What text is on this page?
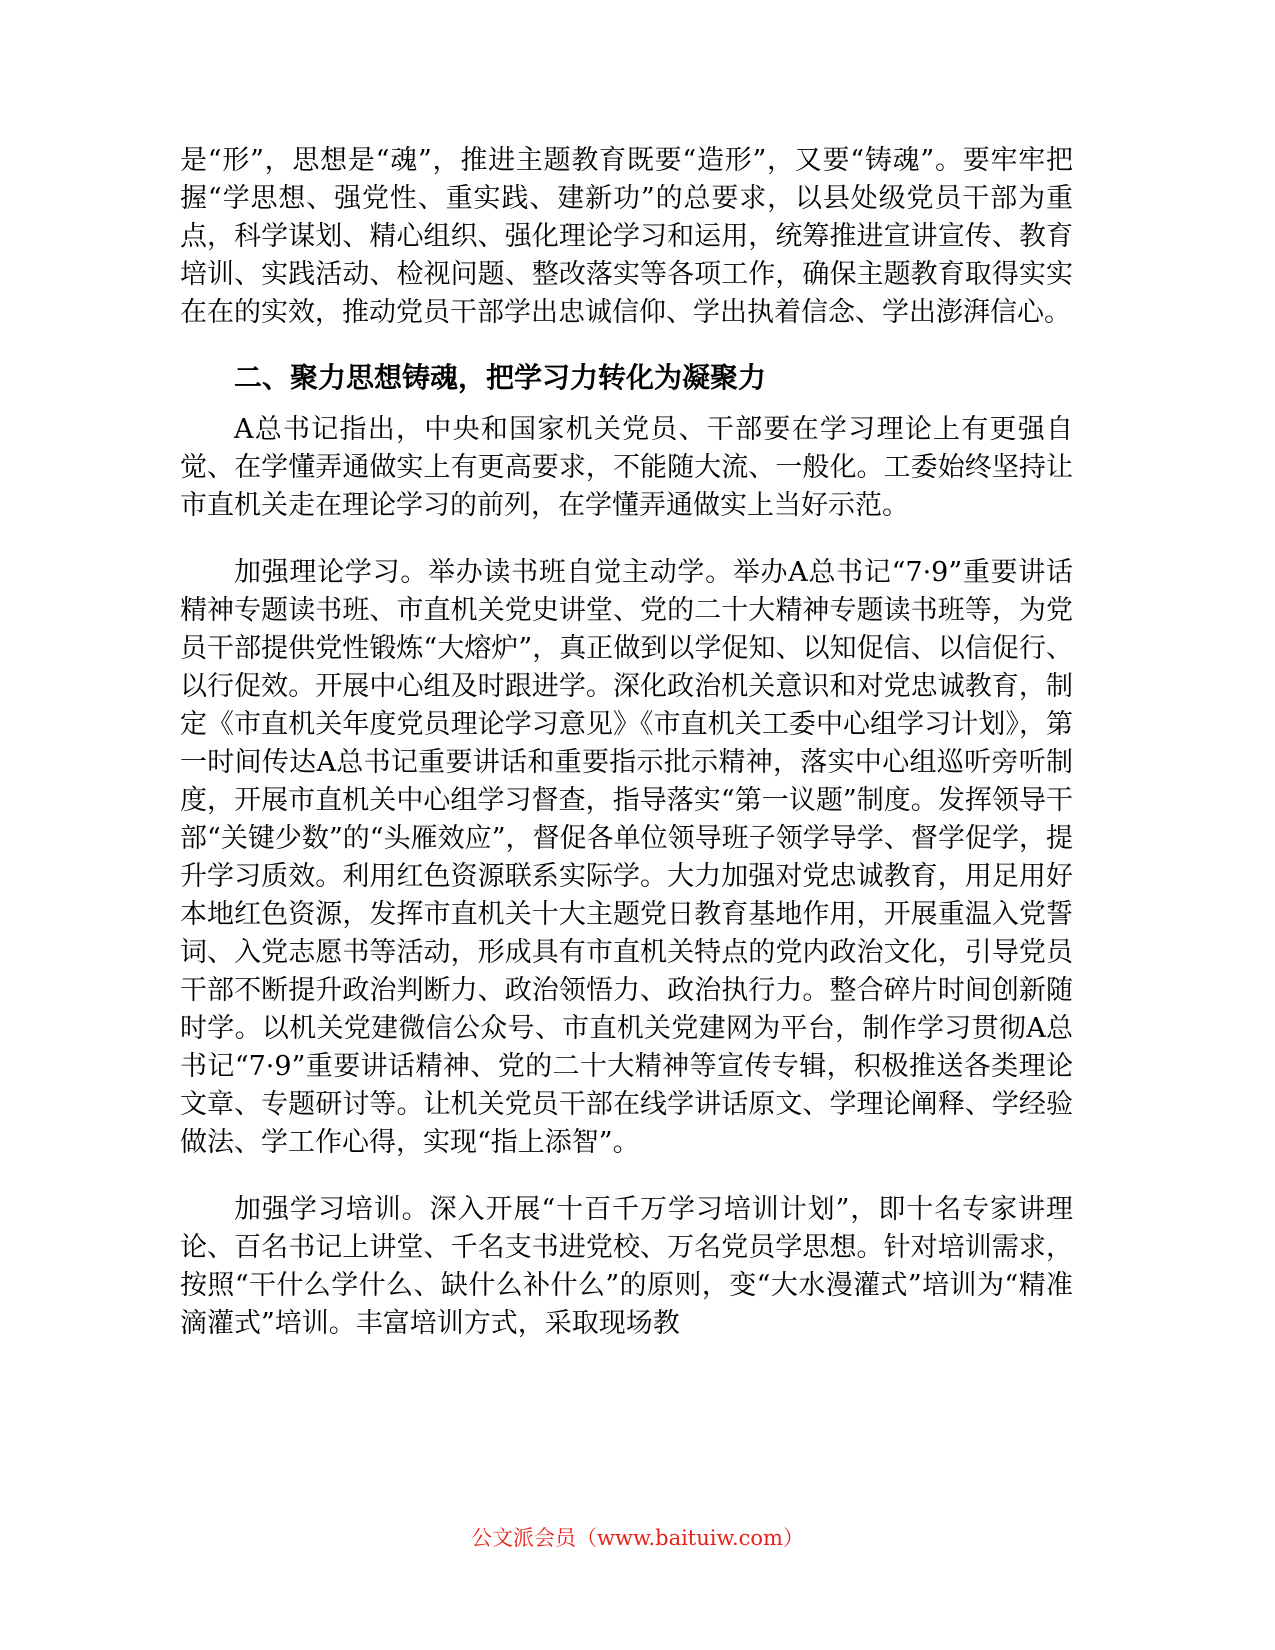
是“形”，思想是“魂”，推进主题教育既要“造形”，又要“铸魂”。要牢牢把握“学思想、强党性、重实践、建新功”的总要求，以县处级党员干部为重点，科学谋划、精心组织、强化理论学习和运用，统筹推进宣讲宣传、教育培训、实践活动、检视问题、整改落实等各项工作，确保主题教育取得实实在在的实效，推动党员干部学出忠诚信仰、学出执着信念、学出澎湃信心。

二、聚力思想铸魂，把学习力转化为凝聚力

A总书记指出，中央和国家机关党员、干部要在学习理论上有更强自觉、在学懂弄通做实上有更高要求，不能随大流、一般化。工委始终坚持让市直机关走在理论学习的前列，在学懂弄通做实上当好示范。

加强理论学习。举办读书班自觉主动学。举办A总书记“7·9”重要讲话精神专题读书班、市直机关党史讲堂、党的二十大精神专题读书班等，为党员干部提供党性锻炼“大熔炉”，真正做到以学促知、以知促信、以信促行、以行促效。开展中心组及时跟进学。深化政治机关意识和对党忠诚教育，制定《市直机关年度党员理论学习意见》《市直机关工委中心组学习计划》，第一时间传达A总书记重要讲话和重要指示批示精神，落实中心组巡听旁听制度，开展市直机关中心组学习督查，指导落实“第一议题”制度。发挥领导干部“关键少数”的“头雁效应”，督促各单位领导班子领学导学、督学促学，提升学习质效。利用红色资源联系实际学。大力加强对党忠诚教育，用足用好本地红色资源，发挥市直机关十大主题党日教育基地作用，开展重温入党誓词、入党志愿书等活动，形成具有市直机关特点的党内政治文化，引导党员干部不断提升政治判断力、政治领悟力、政治执行力。整合碎片时间创新随时学。以机关党建微信公众号、市直机关党建网为平台，制作学习贯彻A总书记“7·9”重要讲话精神、党的二十大精神等宣传专辑，积极推送各类理论文章、专题研讨等。让机关党员干部在线学讲话原文、学理论阐释、学经验做法、学工作心得，实现“指上添智”。

加强学习培训。深入开展“十百千万学习培训计划”，即十名专家讲理论、百名书记上讲堂、千名支书进党校、万名党员学思想。针对培训需求，按照“干什么学什么、缺什么补什么”的原则，变“大水漫灌式”培训为“精准滴灌式”培训。丰富培训方式，采取现场教

公文派会员（www.baituiw.com）
